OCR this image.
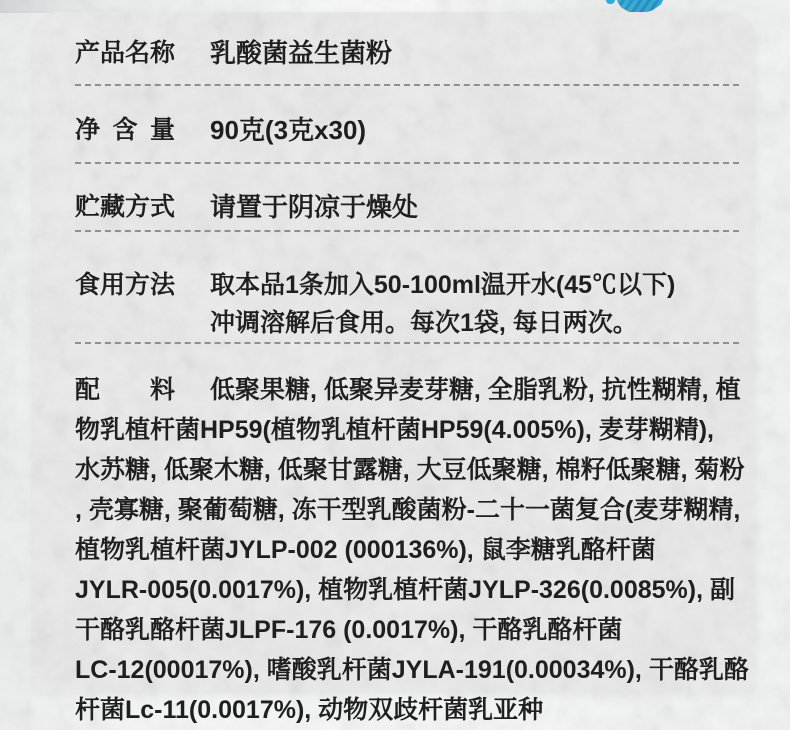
产品名称 乳酸菌益生菌粉
净含量 90克(3克x30)
贮藏方式 请置于阴凉于燥处
食用方法 取本品1条加入50-100ml温开水(45℃以下)
冲调溶解后食用。每次1袋, 每日两次。
配料 低聚果糖, 低聚异麦芽糖, 全脂乳粉, 抗性糊精, 植
物乳植杆菌HP59(植物乳植杆菌HP59(4.005%), 麦芽糊精),
水苏糖, 低聚木糖, 低聚甘露糖, 大豆低聚糖, 棉籽低聚糖, 菊粉
, 壳寡糖, 聚葡萄糖, 冻干型乳酸菌粉-二十一菌复合(麦芽糊精,
植物乳植杆菌JYLP-002 (000136%), 鼠李糖乳酪杆菌
JYLR-005(0.0017%), 植物乳植杆菌JYLP-326(0.0085%), 副
干酪乳酪杆菌JLPF-176 (0.0017%), 干酪乳酪杆菌
LC-12(00017%), 嗜酸乳杆菌JYLA-191(0.00034%), 干酪乳酪
杆菌Lc-11(0.0017%), 动物双歧杆菌乳亚种
